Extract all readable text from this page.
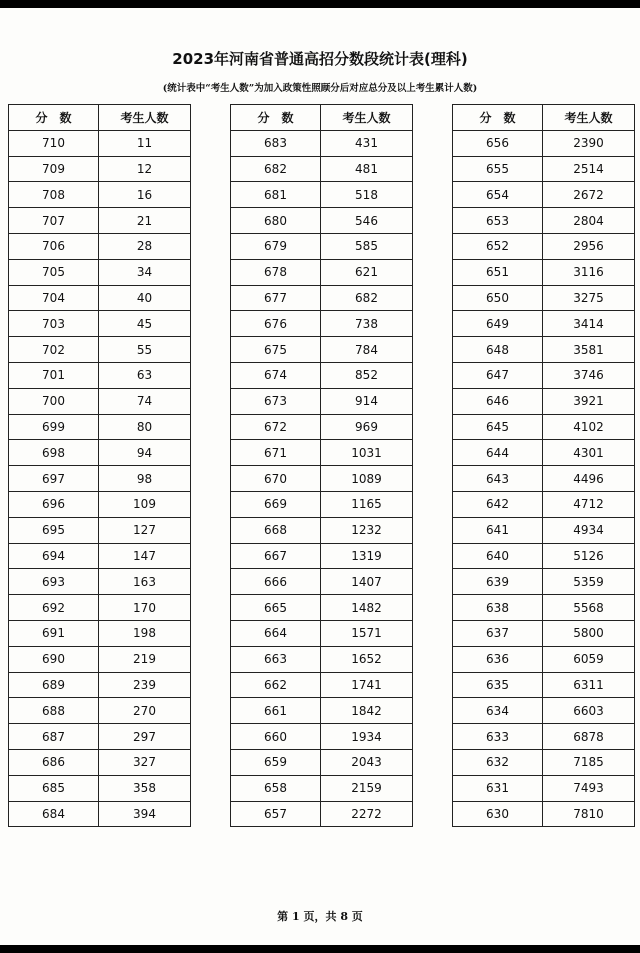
2023年河南省普通高招分数段统计表(理科)
(统计表中“考生人数”为加入政策性照顾分后对应总分及以上考生累计人数)
分　数	考生人数
710	11
709	12
708	16
707	21
706	28
705	34
704	40
703	45
702	55
701	63
700	74
699	80
698	94
697	98
696	109
695	127
694	147
693	163
692	170
691	198
690	219
689	239
688	270
687	297
686	327
685	358
684	394
分　数	考生人数
683	431
682	481
681	518
680	546
679	585
678	621
677	682
676	738
675	784
674	852
673	914
672	969
671	1031
670	1089
669	1165
668	1232
667	1319
666	1407
665	1482
664	1571
663	1652
662	1741
661	1842
660	1934
659	2043
658	2159
657	2272
分　数	考生人数
656	2390
655	2514
654	2672
653	2804
652	2956
651	3116
650	3275
649	3414
648	3581
647	3746
646	3921
645	4102
644	4301
643	4496
642	4712
641	4934
640	5126
639	5359
638	5568
637	5800
636	6059
635	6311
634	6603
633	6878
632	7185
631	7493
630	7810
第 1 页，共 8 页
